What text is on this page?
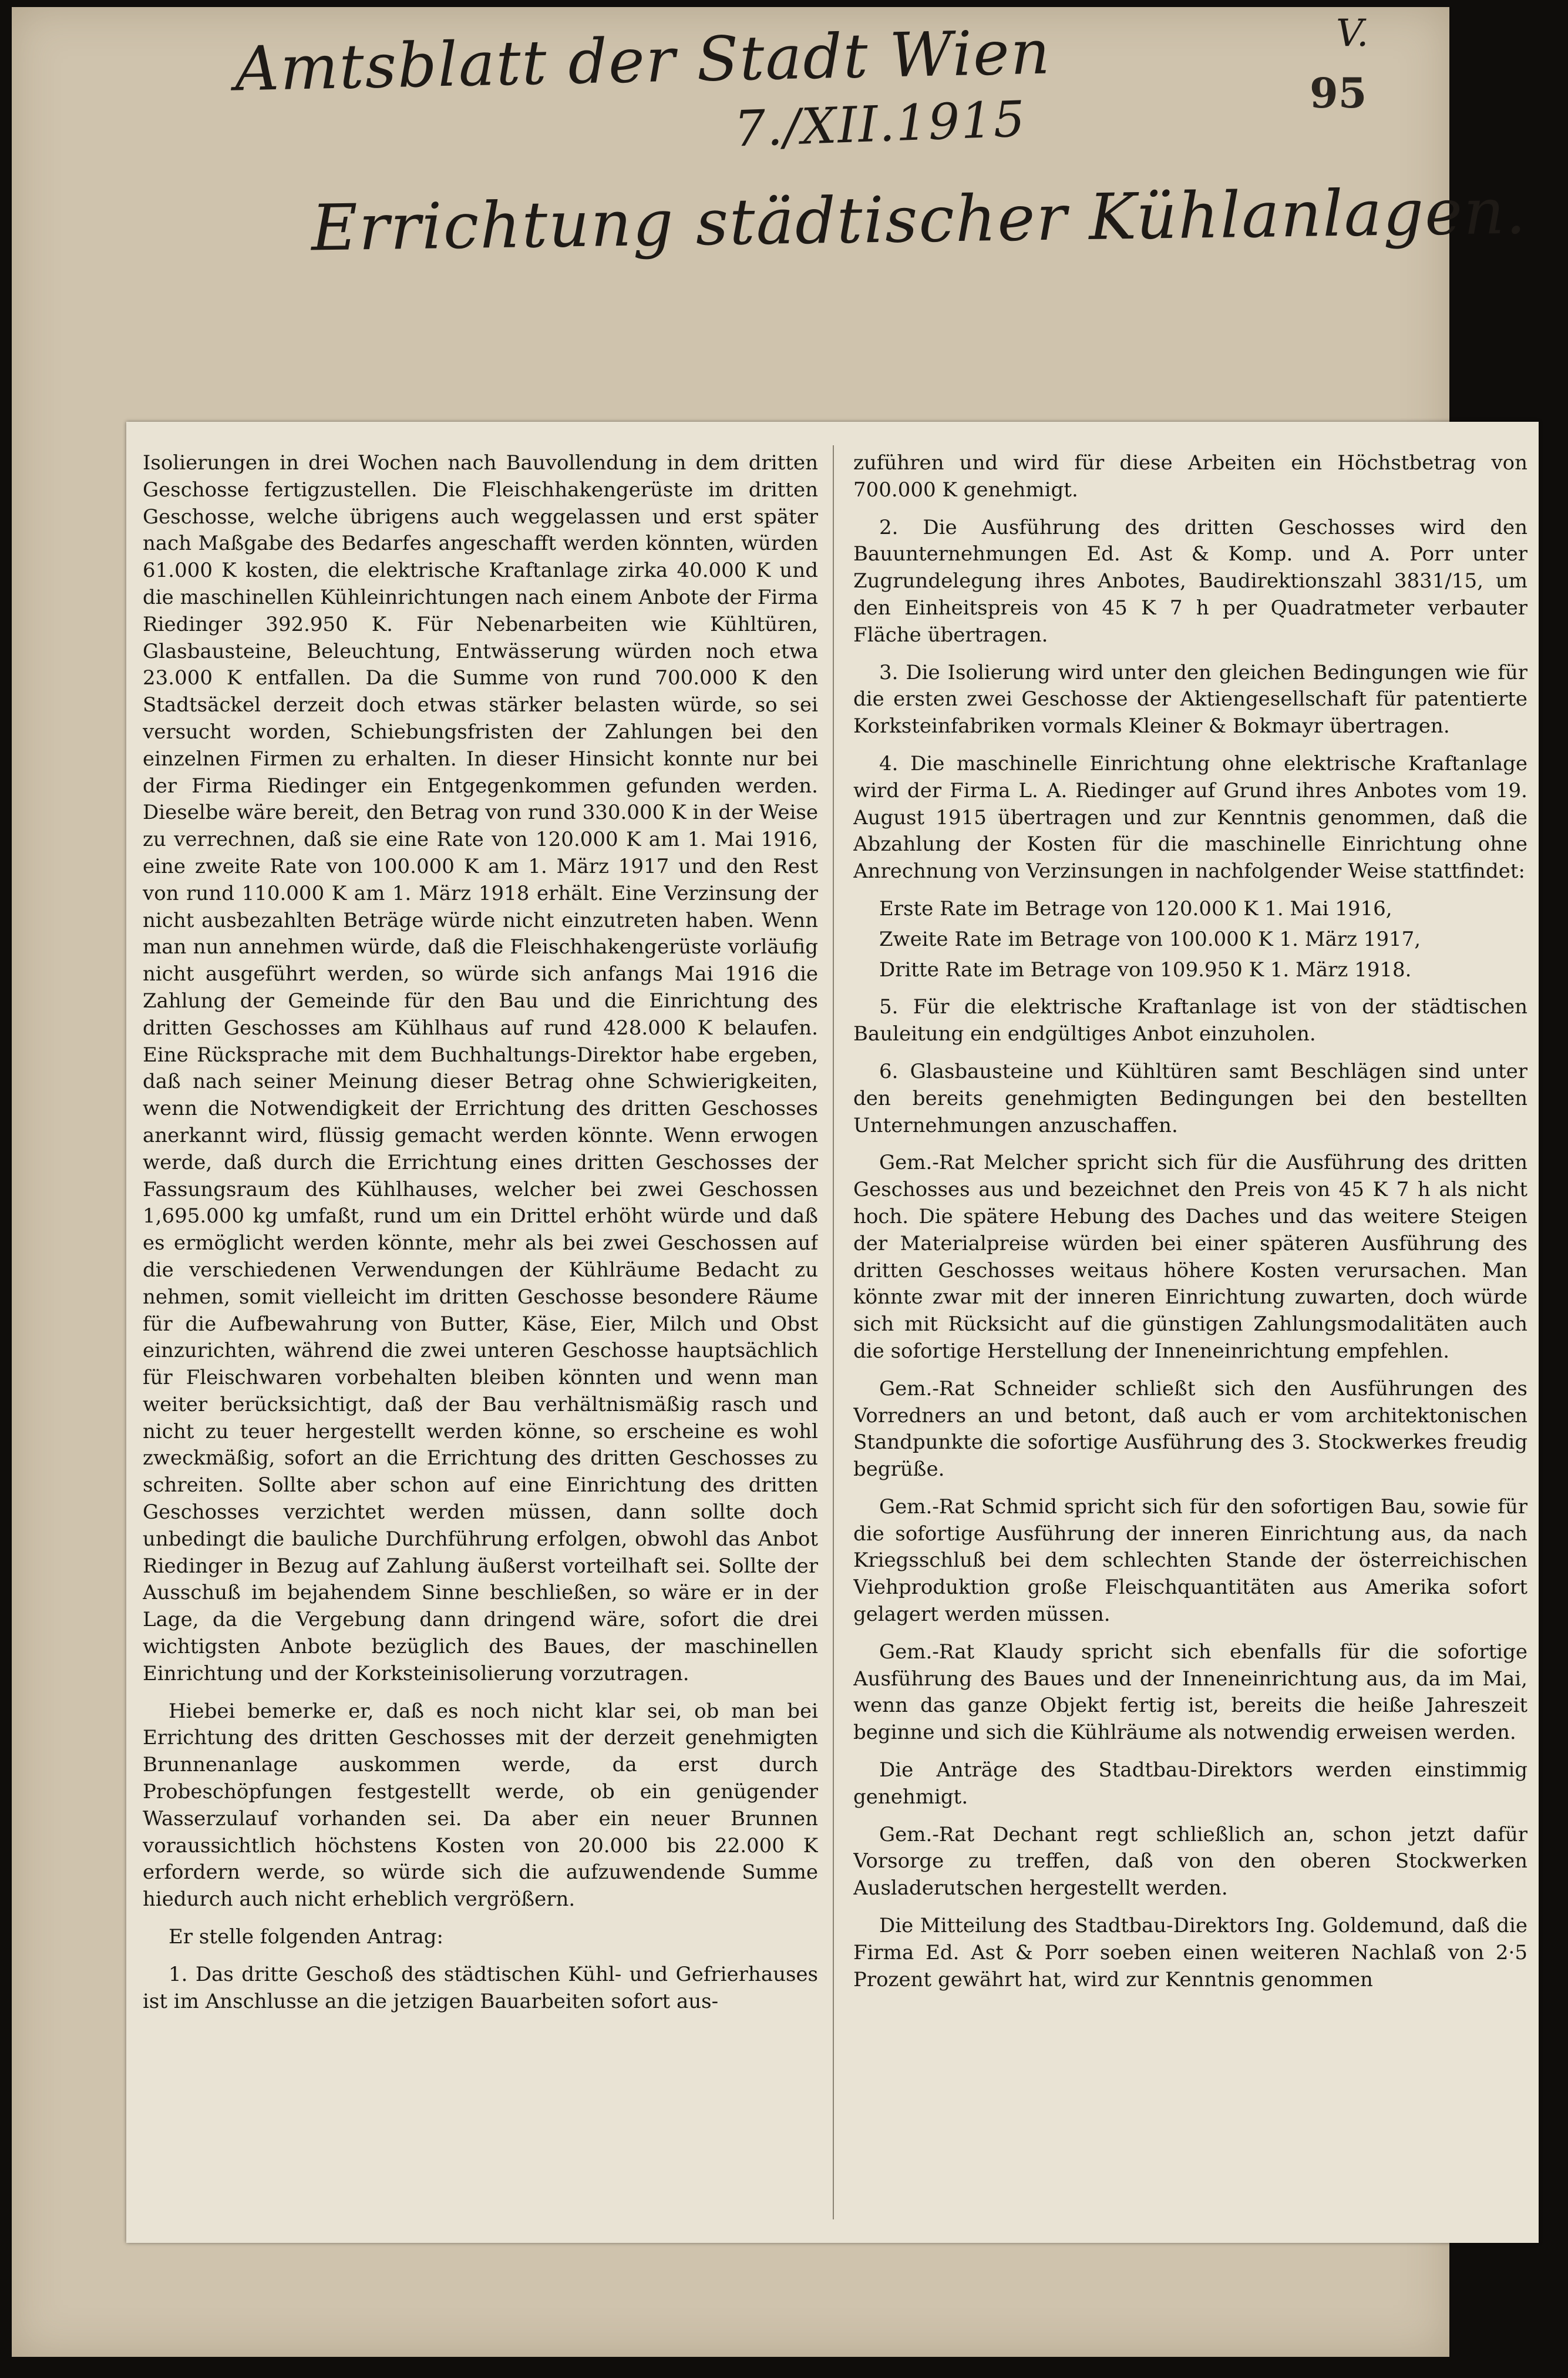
Amtsblatt der Stadt Wien
7./XII.1915
Errichtung städtischer Kühlanlagen.
V.
95

Isolierungen in drei Wochen nach Bauvollendung in dem dritten Geschosse fertigzustellen. Die Fleischhakengerüste im dritten Geschosse, welche übrigens auch weggelassen und erst später nach Maßgabe des Bedarfes angeschafft werden könnten, würden 61.000 K kosten, die elektrische Kraftanlage zirka 40.000 K und die maschinellen Kühleinrichtungen nach einem Anbote der Firma Riedinger 392.950 K. Für Nebenarbeiten wie Kühltüren, Glasbausteine, Beleuchtung, Entwässerung würden noch etwa 23.000 K entfallen. Da die Summe von rund 700.000 K den Stadtsäckel derzeit doch etwas stärker belasten würde, so sei versucht worden, Schiebungsfristen der Zahlungen bei den einzelnen Firmen zu erhalten. In dieser Hinsicht konnte nur bei der Firma Riedinger ein Entgegenkommen gefunden werden. Dieselbe wäre bereit, den Betrag von rund 330.000 K in der Weise zu verrechnen, daß sie eine Rate von 120.000 K am 1. Mai 1916, eine zweite Rate von 100.000 K am 1. März 1917 und den Rest von rund 110.000 K am 1. März 1918 erhält. Eine Verzinsung der nicht ausbezahlten Beträge würde nicht einzutreten haben. Wenn man nun annehmen würde, daß die Fleischhakengerüste vorläufig nicht ausgeführt werden, so würde sich anfangs Mai 1916 die Zahlung der Gemeinde für den Bau und die Einrichtung des dritten Geschosses am Kühlhaus auf rund 428.000 K belaufen. Eine Rücksprache mit dem Buchhaltungs-Direktor habe ergeben, daß nach seiner Meinung dieser Betrag ohne Schwierigkeiten, wenn die Notwendigkeit der Errichtung des dritten Geschosses anerkannt wird, flüssig gemacht werden könnte. Wenn erwogen werde, daß durch die Errichtung eines dritten Geschosses der Fassungsraum des Kühlhauses, welcher bei zwei Geschossen 1,695.000 kg umfaßt, rund um ein Drittel erhöht würde und daß es ermöglicht werden könnte, mehr als bei zwei Geschossen auf die verschiedenen Verwendungen der Kühlräume Bedacht zu nehmen, somit vielleicht im dritten Geschosse besondere Räume für die Aufbewahrung von Butter, Käse, Eier, Milch und Obst einzurichten, während die zwei unteren Geschosse hauptsächlich für Fleischwaren vorbehalten bleiben könnten und wenn man weiter berücksichtigt, daß der Bau verhältnismäßig rasch und nicht zu teuer hergestellt werden könne, so erscheine es wohl zweckmäßig, sofort an die Errichtung des dritten Geschosses zu schreiten. Sollte aber schon auf eine Einrichtung des dritten Geschosses verzichtet werden müssen, dann sollte doch unbedingt die bauliche Durchführung erfolgen, obwohl das Anbot Riedinger in Bezug auf Zahlung äußerst vorteilhaft sei. Sollte der Ausschuß im bejahendem Sinne beschließen, so wäre er in der Lage, da die Vergebung dann dringend wäre, sofort die drei wichtigsten Anbote bezüglich des Baues, der maschinellen Einrichtung und der Korksteinisolierung vorzutragen.

Hiebei bemerke er, daß es noch nicht klar sei, ob man bei Errichtung des dritten Geschosses mit der derzeit genehmigten Brunnenanlage auskommen werde, da erst durch Probeschöpfungen festgestellt werde, ob ein genügender Wasserzulauf vorhanden sei. Da aber ein neuer Brunnen voraussichtlich höchstens Kosten von 20.000 bis 22.000 K erfordern werde, so würde sich die aufzuwendende Summe hiedurch auch nicht erheblich vergrößern.

Er stelle folgenden Antrag:

1. Das dritte Geschoß des städtischen Kühl- und Gefrierhauses ist im Anschlusse an die jetzigen Bauarbeiten sofort aus-

zuführen und wird für diese Arbeiten ein Höchstbetrag von 700.000 K genehmigt.

2. Die Ausführung des dritten Geschosses wird den Bauunternehmungen Ed. Ast & Komp. und A. Porr unter Zugrundelegung ihres Anbotes, Baudirektionszahl 3831/15, um den Einheitspreis von 45 K 7 h per Quadratmeter verbauter Fläche übertragen.

3. Die Isolierung wird unter den gleichen Bedingungen wie für die ersten zwei Geschosse der Aktiengesellschaft für patentierte Korksteinfabriken vormals Kleiner & Bokmayr übertragen.

4. Die maschinelle Einrichtung ohne elektrische Kraftanlage wird der Firma L. A. Riedinger auf Grund ihres Anbotes vom 19. August 1915 übertragen und zur Kenntnis genommen, daß die Abzahlung der Kosten für die maschinelle Einrichtung ohne Anrechnung von Verzinsungen in nachfolgender Weise stattfindet:

Erste Rate im Betrage von 120.000 K 1. Mai 1916,

Zweite Rate im Betrage von 100.000 K 1. März 1917,

Dritte Rate im Betrage von 109.950 K 1. März 1918.

5. Für die elektrische Kraftanlage ist von der städtischen Bauleitung ein endgültiges Anbot einzuholen.

6. Glasbausteine und Kühltüren samt Beschlägen sind unter den bereits genehmigten Bedingungen bei den bestellten Unternehmungen anzuschaffen.

Gem.-Rat Melcher spricht sich für die Ausführung des dritten Geschosses aus und bezeichnet den Preis von 45 K 7 h als nicht hoch. Die spätere Hebung des Daches und das weitere Steigen der Materialpreise würden bei einer späteren Ausführung des dritten Geschosses weitaus höhere Kosten verursachen. Man könnte zwar mit der inneren Einrichtung zuwarten, doch würde sich mit Rücksicht auf die günstigen Zahlungsmodalitäten auch die sofortige Herstellung der Inneneinrichtung empfehlen.

Gem.-Rat Schneider schließt sich den Ausführungen des Vorredners an und betont, daß auch er vom architektonischen Standpunkte die sofortige Ausführung des 3. Stockwerkes freudig begrüße.

Gem.-Rat Schmid spricht sich für den sofortigen Bau, sowie für die sofortige Ausführung der inneren Einrichtung aus, da nach Kriegsschluß bei dem schlechten Stande der österreichischen Viehproduktion große Fleischquantitäten aus Amerika sofort gelagert werden müssen.

Gem.-Rat Klaudy spricht sich ebenfalls für die sofortige Ausführung des Baues und der Inneneinrichtung aus, da im Mai, wenn das ganze Objekt fertig ist, bereits die heiße Jahreszeit beginne und sich die Kühlräume als notwendig erweisen werden.

Die Anträge des Stadtbau-Direktors werden einstimmig genehmigt.

Gem.-Rat Dechant regt schließlich an, schon jetzt dafür Vorsorge zu treffen, daß von den oberen Stockwerken Ausladerutschen hergestellt werden.

Die Mitteilung des Stadtbau-Direktors Ing. Goldemund, daß die Firma Ed. Ast & Porr soeben einen weiteren Nachlaß von 2·5 Prozent gewährt hat, wird zur Kenntnis genommen
